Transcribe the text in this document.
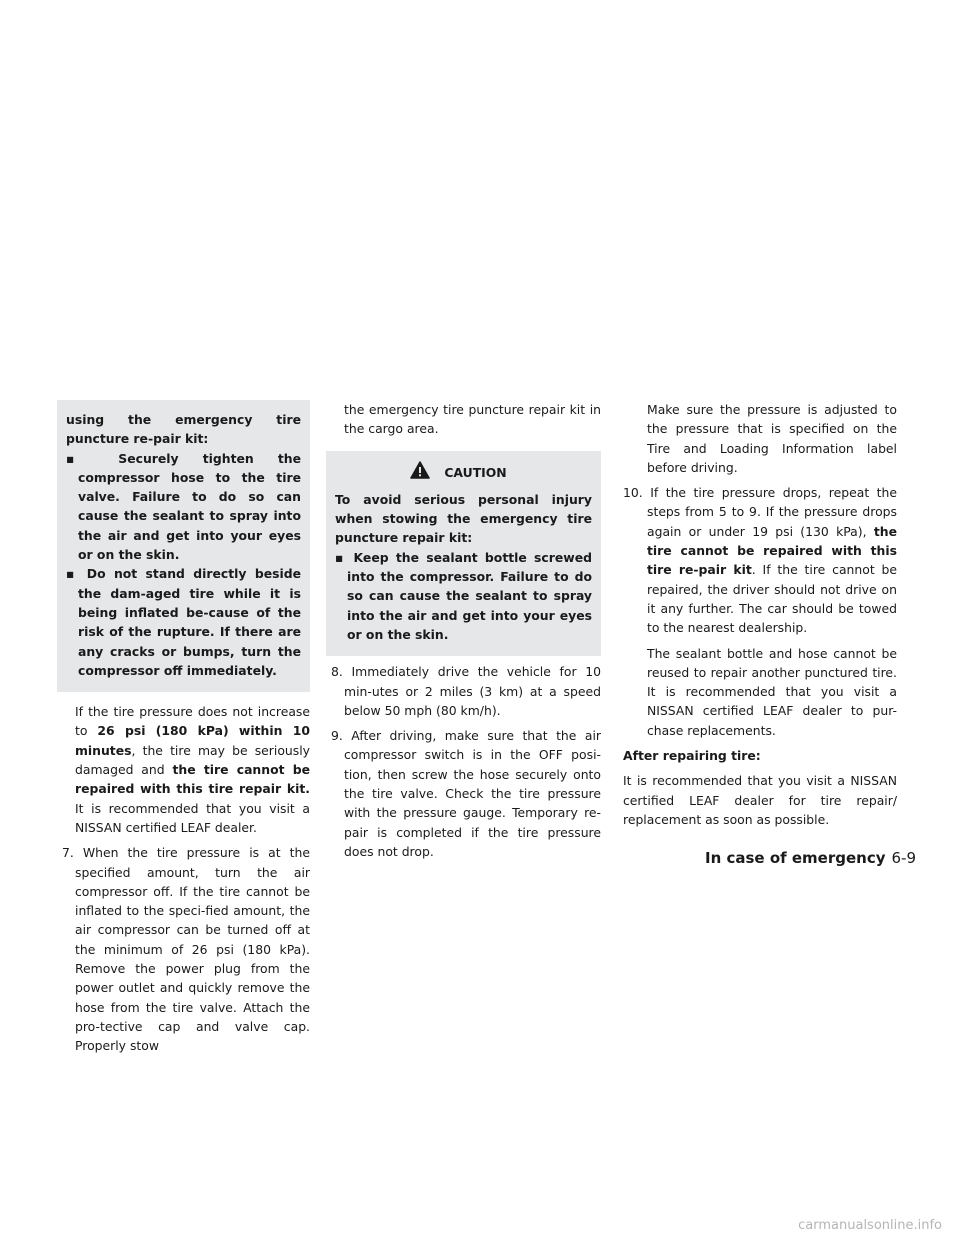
using the emergency tire puncture re-pair kit:

▪ Securely tighten the compressor hose to the tire valve. Failure to do so can cause the sealant to spray into the air and get into your eyes or on the skin.

▪ Do not stand directly beside the dam-aged tire while it is being inflated be-cause of the risk of the rupture. If there are any cracks or bumps, turn the compressor off immediately.

If the tire pressure does not increase to 26 psi (180 kPa) within 10 minutes, the tire may be seriously damaged and the tire cannot be repaired with this tire repair kit. It is recommended that you visit a NISSAN certified LEAF dealer.

7. When the tire pressure is at the specified amount, turn the air compressor off. If the tire cannot be inflated to the speci-fied amount, the air compressor can be turned off at the minimum of 26 psi (180 kPa). Remove the power plug from the power outlet and quickly remove the hose from the tire valve. Attach the pro-tective cap and valve cap. Properly stow

the emergency tire puncture repair kit in the cargo area.

CAUTION

To avoid serious personal injury when stowing the emergency tire puncture repair kit:

▪ Keep the sealant bottle screwed into the compressor. Failure to do so can cause the sealant to spray into the air and get into your eyes or on the skin.

8. Immediately drive the vehicle for 10 min-utes or 2 miles (3 km) at a speed below 50 mph (80 km/h).

9. After driving, make sure that the air compressor switch is in the OFF posi-tion, then screw the hose securely onto the tire valve. Check the tire pressure with the pressure gauge. Temporary re-pair is completed if the tire pressure does not drop.

Make sure the pressure is adjusted to the pressure that is specified on the Tire and Loading Information label before driving.

10. If the tire pressure drops, repeat the steps from 5 to 9. If the pressure drops again or under 19 psi (130 kPa), the tire cannot be repaired with this tire re-pair kit. If the tire cannot be repaired, the driver should not drive on it any further. The car should be towed to the nearest dealership.

The sealant bottle and hose cannot be reused to repair another punctured tire. It is recommended that you visit a NISSAN certified LEAF dealer to pur-chase replacements.

After repairing tire:

It is recommended that you visit a NISSAN certified LEAF dealer for tire repair/ replacement as soon as possible.

In case of emergency 6-9
carmanualsonline.info
